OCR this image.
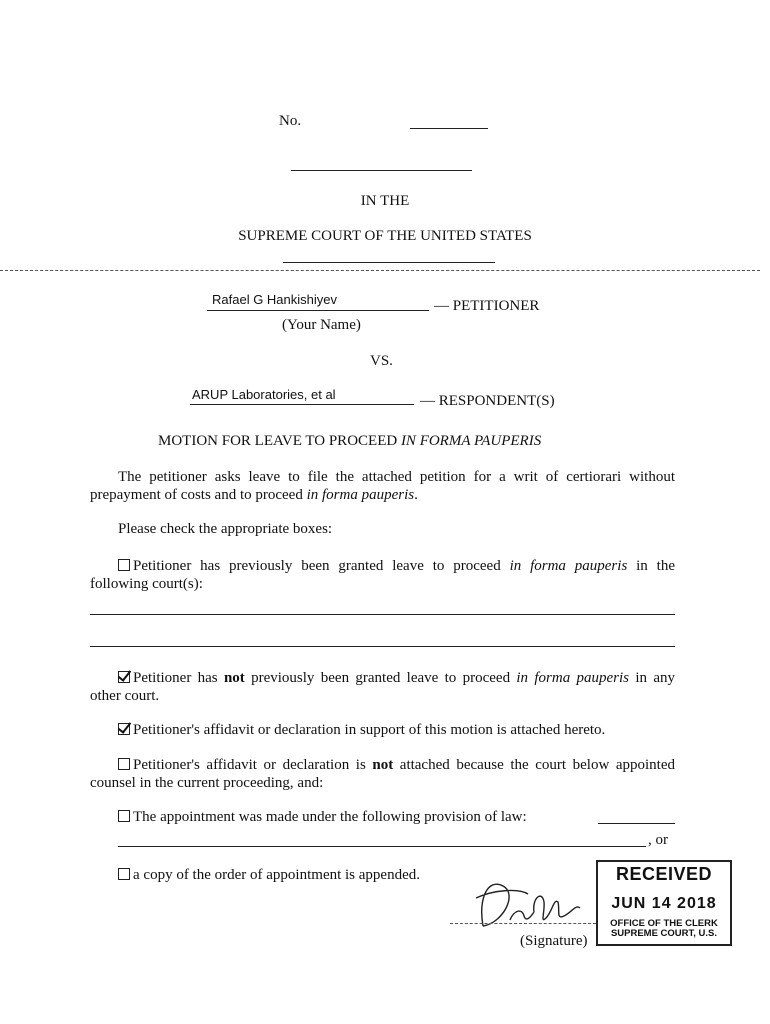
No.
IN THE
SUPREME COURT OF THE UNITED STATES
Rafael G Hankishiyev	— PETITIONER
(Your Name)
VS.
ARUP Laboratories, et al	— RESPONDENT(S)
MOTION FOR LEAVE TO PROCEED IN FORMA PAUPERIS
The petitioner asks leave to file the attached petition for a writ of certiorari without prepayment of costs and to proceed in forma pauperis.
Please check the appropriate boxes:
Petitioner has previously been granted leave to proceed in forma pauperis in the following court(s):
Petitioner has not previously been granted leave to proceed in forma pauperis in any other court.
Petitioner's affidavit or declaration in support of this motion is attached hereto.
Petitioner's affidavit or declaration is not attached because the court below appointed counsel in the current proceeding, and:
The appointment was made under the following provision of law:
, or
a copy of the order of appointment is appended.
(Signature)
RECEIVED
JUN 14 2018
OFFICE OF THE CLERK
SUPREME COURT, U.S.
